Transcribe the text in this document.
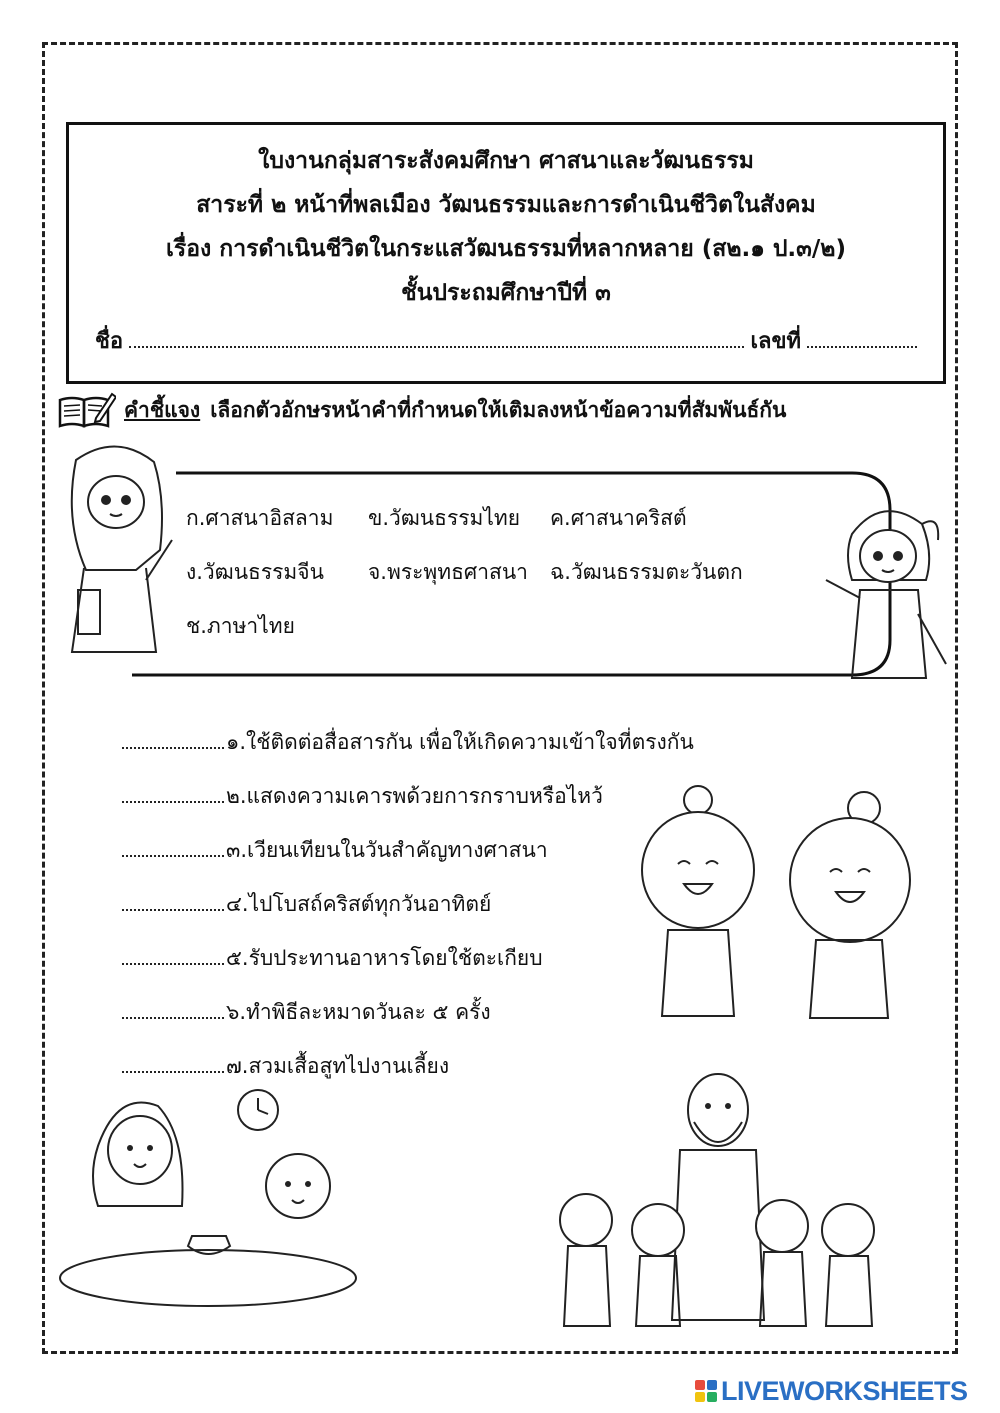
ใบงานกลุ่มสาระสังคมศึกษา ศาสนาและวัฒนธรรม
สาระที่ ๒ หน้าที่พลเมือง วัฒนธรรมและการดำเนินชีวิตในสังคม
เรื่อง การดำเนินชีวิตในกระแสวัฒนธรรมที่หลากหลาย (ส๒.๑ ป.๓/๒)
ชั้นประถมศึกษาปีที่ ๓
ชื่อ	เลขที่
คำชี้แจง เลือกตัวอักษรหน้าคำที่กำหนดให้เติมลงหน้าข้อความที่สัมพันธ์กัน
ก.ศาสนาอิสลาม ข.วัฒนธรรมไทย ค.ศาสนาคริสต์
ง.วัฒนธรรมจีน จ.พระพุทธศาสนา ฉ.วัฒนธรรมตะวันตก
ช.ภาษาไทย
๑.ใช้ติดต่อสื่อสารกัน เพื่อให้เกิดความเข้าใจที่ตรงกัน
๒.แสดงความเคารพด้วยการกราบหรือไหว้
๓.เวียนเทียนในวันสำคัญทางศาสนา
๔.ไปโบสถ์คริสต์ทุกวันอาทิตย์
๕.รับประทานอาหารโดยใช้ตะเกียบ
๖.ทำพิธีละหมาดวันละ ๕ ครั้ง
๗.สวมเสื้อสูทไปงานเลี้ยง
LIVEWORKSHEETS
